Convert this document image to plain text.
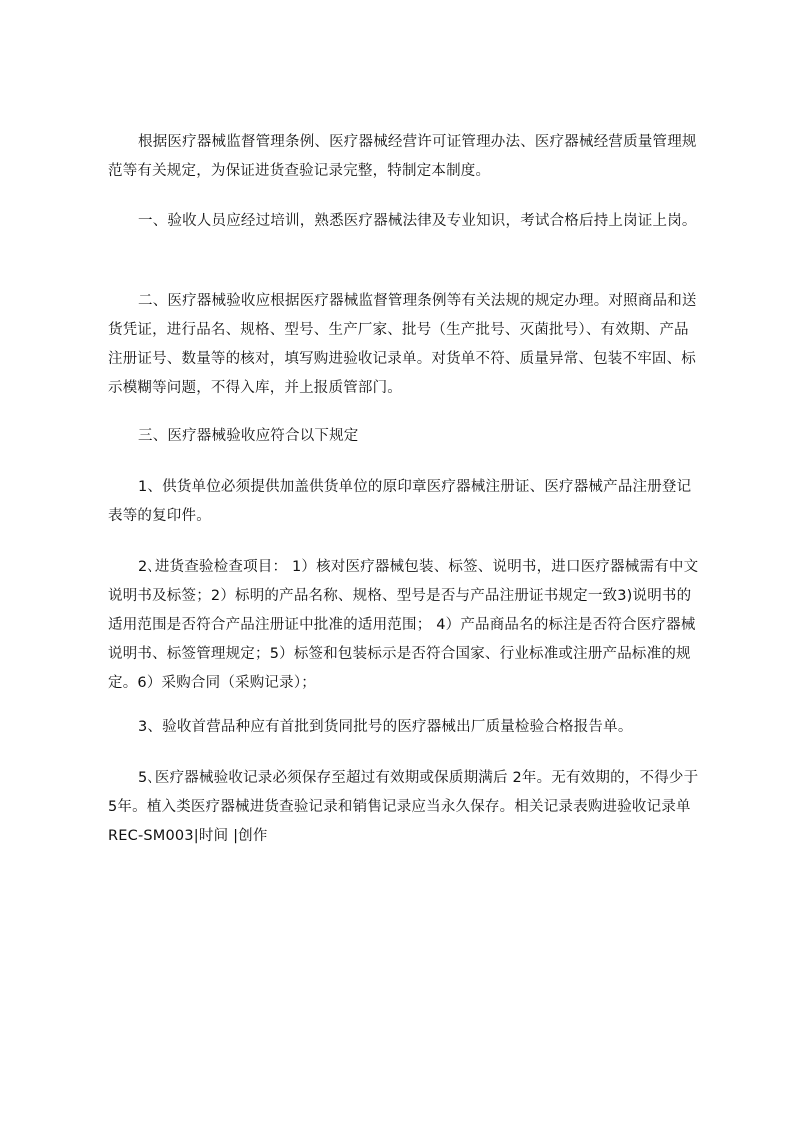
根据医疗器械监督管理条例、医疗器械经营许可证管理办法、医疗器械经营质量管理规范等有关规定，为保证进货查验记录完整，特制定本制度。

一、验收人员应经过培训，熟悉医疗器械法律及专业知识，考试合格后持上岗证上岗。

二、医疗器械验收应根据医疗器械监督管理条例等有关法规的规定办理。对照商品和送货凭证，进行品名、规格、型号、生产厂家、批号（生产批号、灭菌批号）、有效期、产品注册证号、数量等的核对，填写购进验收记录单。对货单不符、质量异常、包装不牢固、标示模糊等问题，不得入库，并上报质管部门。

三、医疗器械验收应符合以下规定

1、供货单位必须提供加盖供货单位的原印章医疗器械注册证、医疗器械产品注册登记表等的复印件。

2､进货查验检查项目： 1）核对医疗器械包装、标签、说明书，进口医疗器械需有中文说明书及标签；2）标明的产品名称、规格、型号是否与产品注册证书规定一致3)说明书的适用范围是否符合产品注册证中批准的适用范围； 4）产品商品名的标注是否符合医疗器械说明书、标签管理规定；5）标签和包装标示是否符合国家、行业标准或注册产品标准的规定。6）采购合同（采购记录）；

3、验收首营品种应有首批到货同批号的医疗器械出厂质量检验合格报告单。

5､医疗器械验收记录必须保存至超过有效期或保质期满后 2年。无有效期的，不得少于5年。植入类医疗器械进货查验记录和销售记录应当永久保存。相关记录表购进验收记录单 REC-SM003|时间 |创作
